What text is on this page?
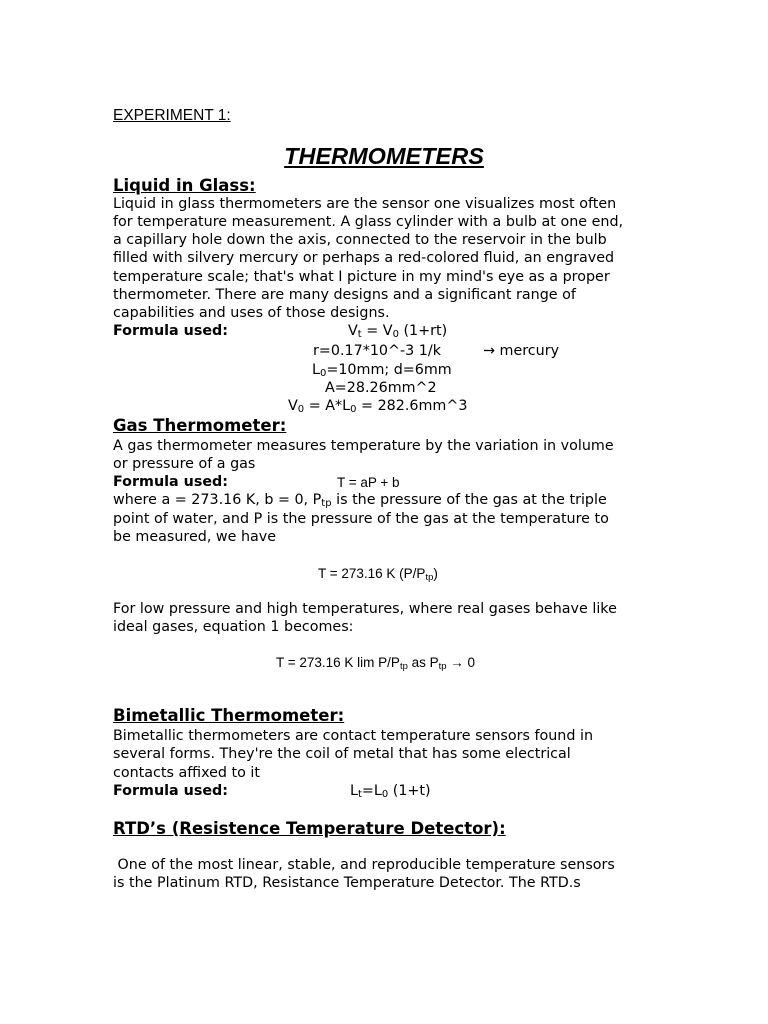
EXPERIMENT 1:
THERMOMETERS
Liquid in Glass:
Liquid in glass thermometers are the sensor one visualizes most often
for temperature measurement. A glass cylinder with a bulb at one end,
a capillary hole down the axis, connected to the reservoir in the bulb
filled with silvery mercury or perhaps a red-colored fluid, an engraved
temperature scale; that's what I picture in my mind's eye as a proper
thermometer. There are many designs and a significant range of
capabilities and uses of those designs.
Formula used:	$V_t = V_0$ (1+rt)
r=0.17*10^-3 1/k	→ mercury
$L_0=10mm$; d=6mm
A=28.26mm^2
$V_0 = A*L_0$ = 282.6mm^3
Gas Thermometer:
A gas thermometer measures temperature by the variation in volume
or pressure of a gas
Formula used:	T = aP + b
where a = 273.16 K, b = 0, $P_{tp}$ is the pressure of the gas at the triple
point of water, and P is the pressure of the gas at the temperature to
be measured, we have
T = 273.16 K $(P/P_{tp})$
For low pressure and high temperatures, where real gases behave like
ideal gases, equation 1 becomes:
T = 273.16 K $\lim P/P_{tp}$ as $P_{tp} \to 0$
Bimetallic Thermometer:
Bimetallic thermometers are contact temperature sensors found in
several forms. They're the coil of metal that has some electrical
contacts affixed to it
Formula used:	$L_t=L_0$ (1+t)
RTD’s (Resistence Temperature Detector):
One of the most linear, stable, and reproducible temperature sensors
is the Platinum RTD, Resistance Temperature Detector. The RTD.s
